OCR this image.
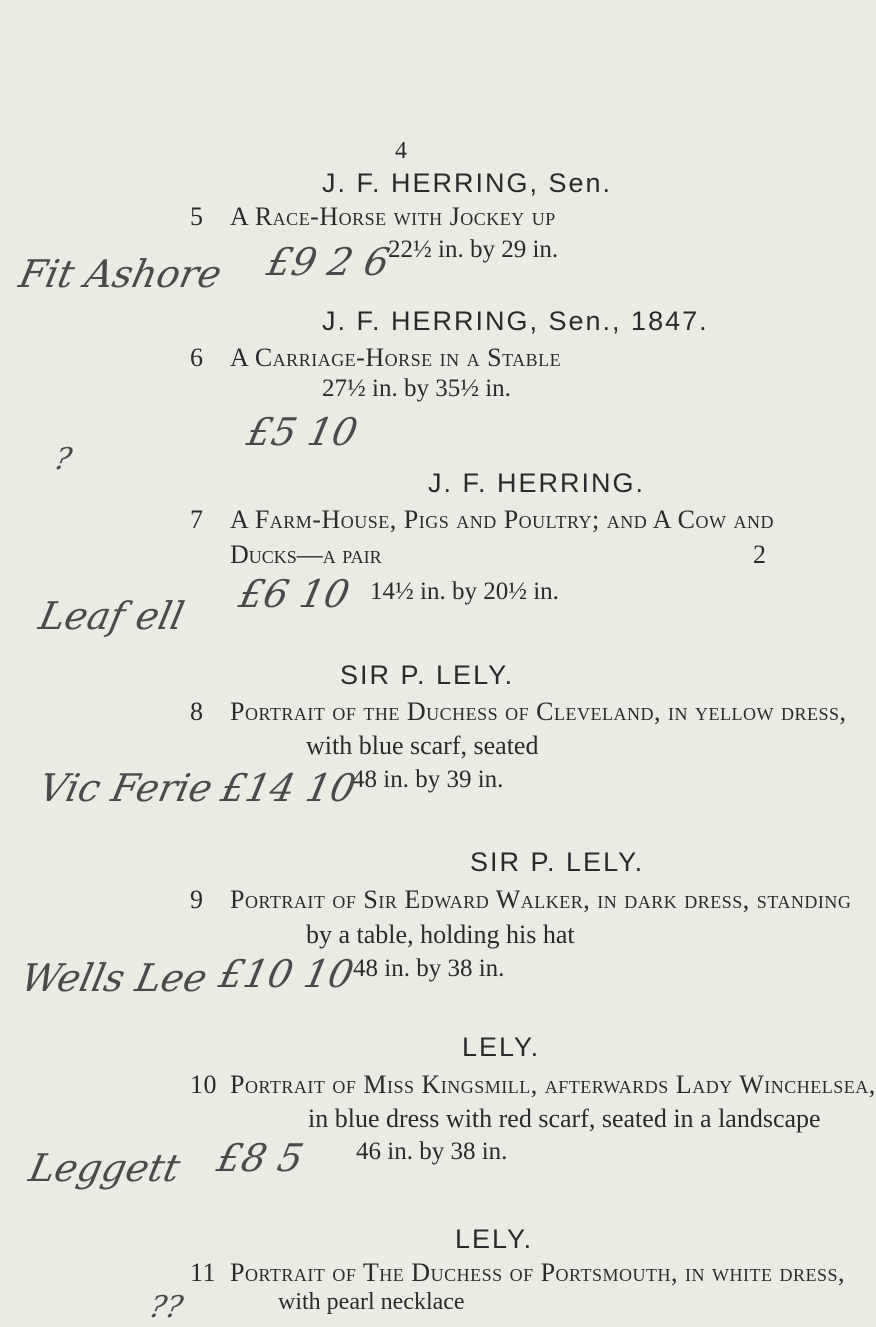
4
J. F. HERRING, Sen.
5 A Race-Horse with Jockey up
22½ in. by 29 in.
Fit Ashore £9 2 6
J. F. HERRING, Sen., 1847.
6 A Carriage-Horse in a Stable
27½ in. by 35½ in.
?
£5 10
J. F. HERRING.
7 A Farm-House, Pigs and Poultry; and A Cow and
Ducks—a pair	2
14½ in. by 20½ in.
Leaf ell £6 10
SIR P. LELY.
8 Portrait of the Duchess of Cleveland, in yellow dress,
with blue scarf, seated
48 in. by 39 in.
Vic Ferie £14 10
SIR P. LELY.
9 Portrait of Sir Edward Walker, in dark dress, standing
by a table, holding his hat
48 in. by 38 in.
Wells Lee £10 10
LELY.
10 Portrait of Miss Kingsmill, afterwards Lady Winchelsea,
in blue dress with red scarf, seated in a landscape
46 in. by 38 in.
Leggett £8 5
LELY.
11 Portrait of The Duchess of Portsmouth, in white dress,
with pearl necklace
??
